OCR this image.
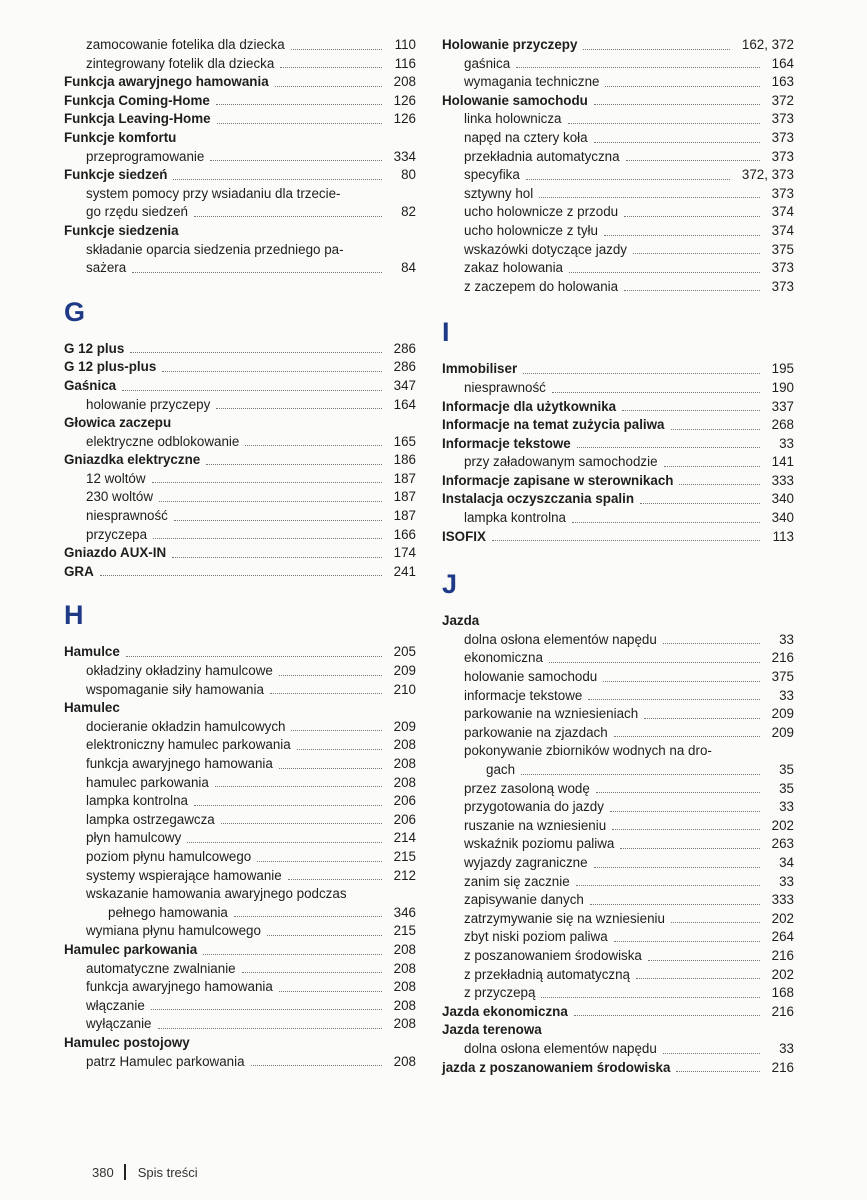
zamocowanie fotelika dla dziecka	110
zintegrowany fotelik dla dziecka	116
Funkcja awaryjnego hamowania	208
Funkcja Coming-Home	126
Funkcja Leaving-Home	126
Funkcje komfortu
przeprogramowanie	334
Funkcje siedzeń	80
system pomocy przy wsiadaniu dla trzecie-
go rzędu siedzeń	82
Funkcje siedzenia
składanie oparcia siedzenia przedniego pa-
sażera	84
G
G 12 plus	286
G 12 plus-plus	286
Gaśnica	347
holowanie przyczepy	164
Głowica zaczepu
elektryczne odblokowanie	165
Gniazdka elektryczne	186
12 woltów	187
230 woltów	187
niesprawność	187
przyczepa	166
Gniazdo AUX-IN	174
GRA	241
H
Hamulce	205
okładziny okładziny hamulcowe	209
wspomaganie siły hamowania	210
Hamulec
docieranie okładzin hamulcowych	209
elektroniczny hamulec parkowania	208
funkcja awaryjnego hamowania	208
hamulec parkowania	208
lampka kontrolna	206
lampka ostrzegawcza	206
płyn hamulcowy	214
poziom płynu hamulcowego	215
systemy wspierające hamowanie	212
wskazanie hamowania awaryjnego podczas
pełnego hamowania	346
wymiana płynu hamulcowego	215
Hamulec parkowania	208
automatyczne zwalnianie	208
funkcja awaryjnego hamowania	208
włączanie	208
wyłączanie	208
Hamulec postojowy
patrz Hamulec parkowania	208
Holowanie przyczepy	162, 372
gaśnica	164
wymagania techniczne	163
Holowanie samochodu	372
linka holownicza	373
napęd na cztery koła	373
przekładnia automatyczna	373
specyfika	372, 373
sztywny hol	373
ucho holownicze z przodu	374
ucho holownicze z tyłu	374
wskazówki dotyczące jazdy	375
zakaz holowania	373
z zaczepem do holowania	373
I
Immobiliser	195
niesprawność	190
Informacje dla użytkownika	337
Informacje na temat zużycia paliwa	268
Informacje tekstowe	33
przy załadowanym samochodzie	141
Informacje zapisane w sterownikach	333
Instalacja oczyszczania spalin	340
lampka kontrolna	340
ISOFIX	113
J
Jazda
dolna osłona elementów napędu	33
ekonomiczna	216
holowanie samochodu	375
informacje tekstowe	33
parkowanie na wzniesieniach	209
parkowanie na zjazdach	209
pokonywanie zbiorników wodnych na dro-
gach	35
przez zasoloną wodę	35
przygotowania do jazdy	33
ruszanie na wzniesieniu	202
wskaźnik poziomu paliwa	263
wyjazdy zagraniczne	34
zanim się zacznie	33
zapisywanie danych	333
zatrzymywanie się na wzniesieniu	202
zbyt niski poziom paliwa	264
z poszanowaniem środowiska	216
z przekładnią automatyczną	202
z przyczepą	168
Jazda ekonomiczna	216
Jazda terenowa
dolna osłona elementów napędu	33
jazda z poszanowaniem środowiska	216
380 Spis treści
